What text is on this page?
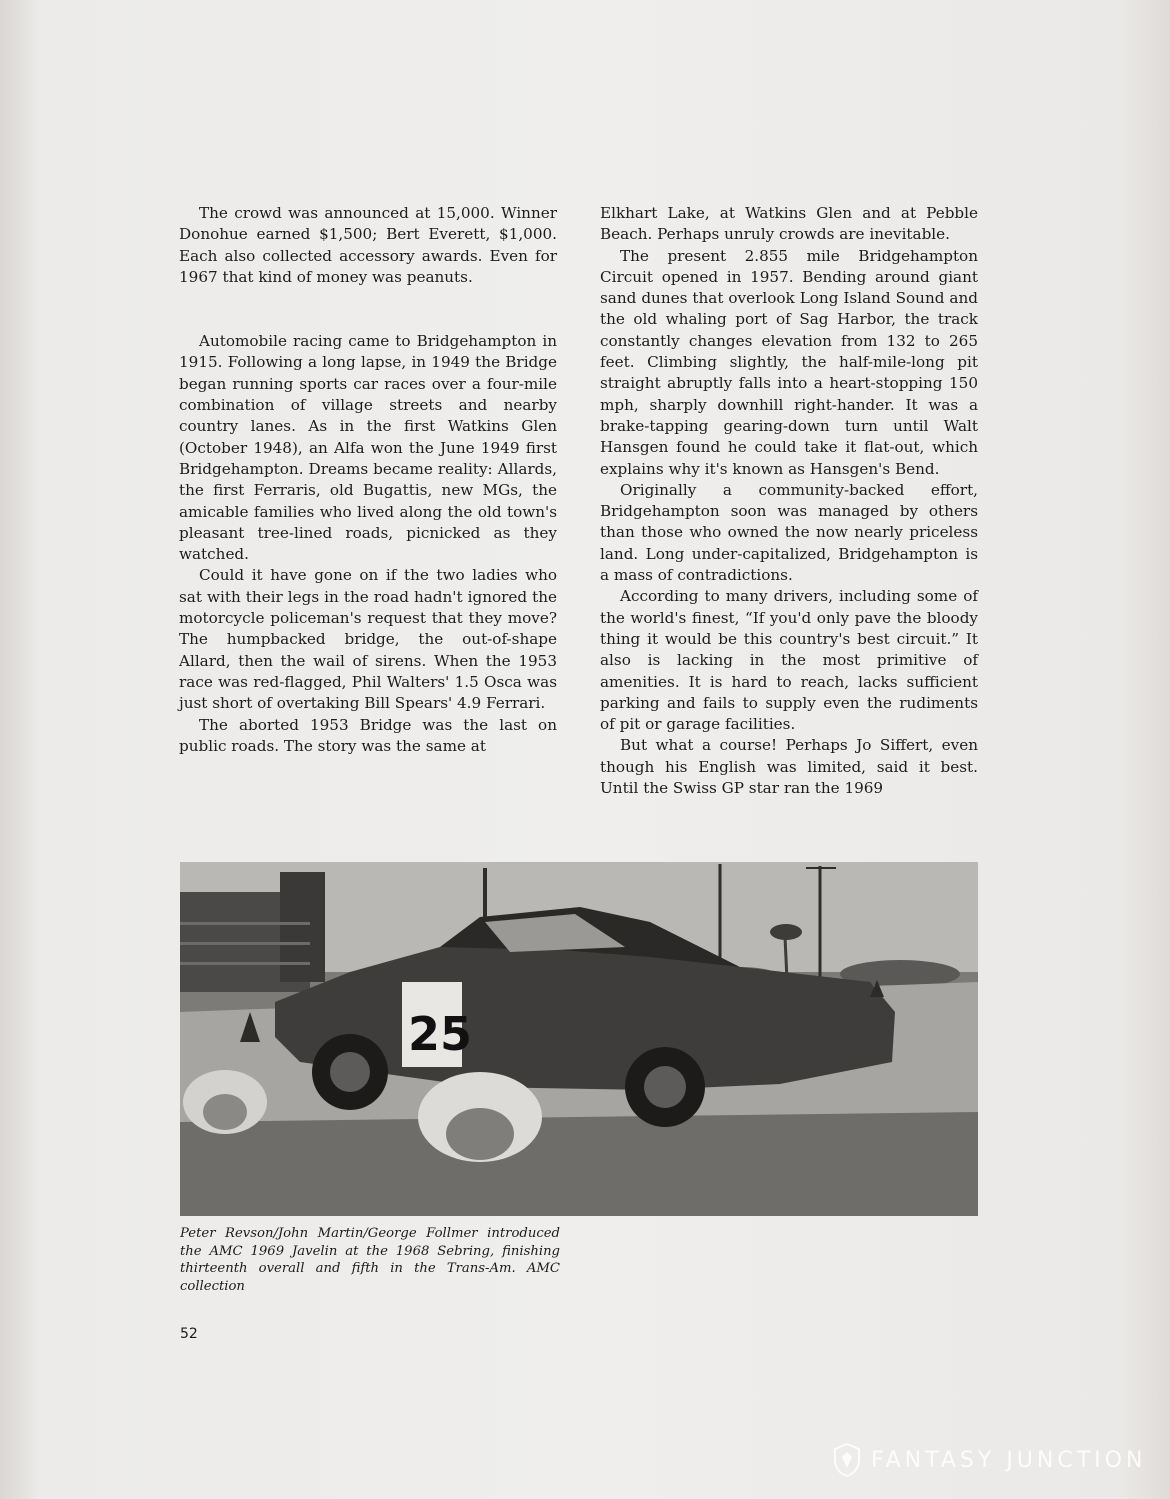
The crowd was announced at 15,000. Winner Donohue earned $1,500; Bert Everett, $1,000. Each also collected accessory awards. Even for 1967 that kind of money was peanuts.

Automobile racing came to Bridgehampton in 1915. Following a long lapse, in 1949 the Bridge began running sports car races over a four-mile combination of village streets and nearby country lanes. As in the first Watkins Glen (October 1948), an Alfa won the June 1949 first Bridgehampton. Dreams became reality: Allards, the first Ferraris, old Bugattis, new MGs, the amicable families who lived along the old town's pleasant tree-lined roads, picnicked as they watched.

Could it have gone on if the two ladies who sat with their legs in the road hadn't ignored the motorcycle policeman's request that they move? The humpbacked bridge, the out-of-shape Allard, then the wail of sirens. When the 1953 race was red-flagged, Phil Walters' 1.5 Osca was just short of overtaking Bill Spears' 4.9 Ferrari.

The aborted 1953 Bridge was the last on public roads. The story was the same at

Elkhart Lake, at Watkins Glen and at Pebble Beach. Perhaps unruly crowds are inevitable.

The present 2.855 mile Bridgehampton Circuit opened in 1957. Bending around giant sand dunes that overlook Long Island Sound and the old whaling port of Sag Harbor, the track constantly changes elevation from 132 to 265 feet. Climbing slightly, the half-mile-long pit straight abruptly falls into a heart-stopping 150 mph, sharply downhill right-hander. It was a brake-tapping gearing-down turn until Walt Hansgen found he could take it flat-out, which explains why it's known as Hansgen's Bend.

Originally a community-backed effort, Bridgehampton soon was managed by others than those who owned the now nearly priceless land. Long under-capitalized, Bridgehampton is a mass of contradictions.

According to many drivers, including some of the world's finest, “If you'd only pave the bloody thing it would be this country's best circuit.” It also is lacking in the most primitive of amenities. It is hard to reach, lacks sufficient parking and fails to supply even the rudiments of pit or garage facilities.

But what a course! Perhaps Jo Siffert, even though his English was limited, said it best. Until the Swiss GP star ran the 1969

25
Peter Revson/John Martin/George Follmer introduced the AMC 1969 Javelin at the 1968 Sebring, finishing thirteenth overall and fifth in the Trans-Am. AMC collection
52
FANTASY JUNCTION
